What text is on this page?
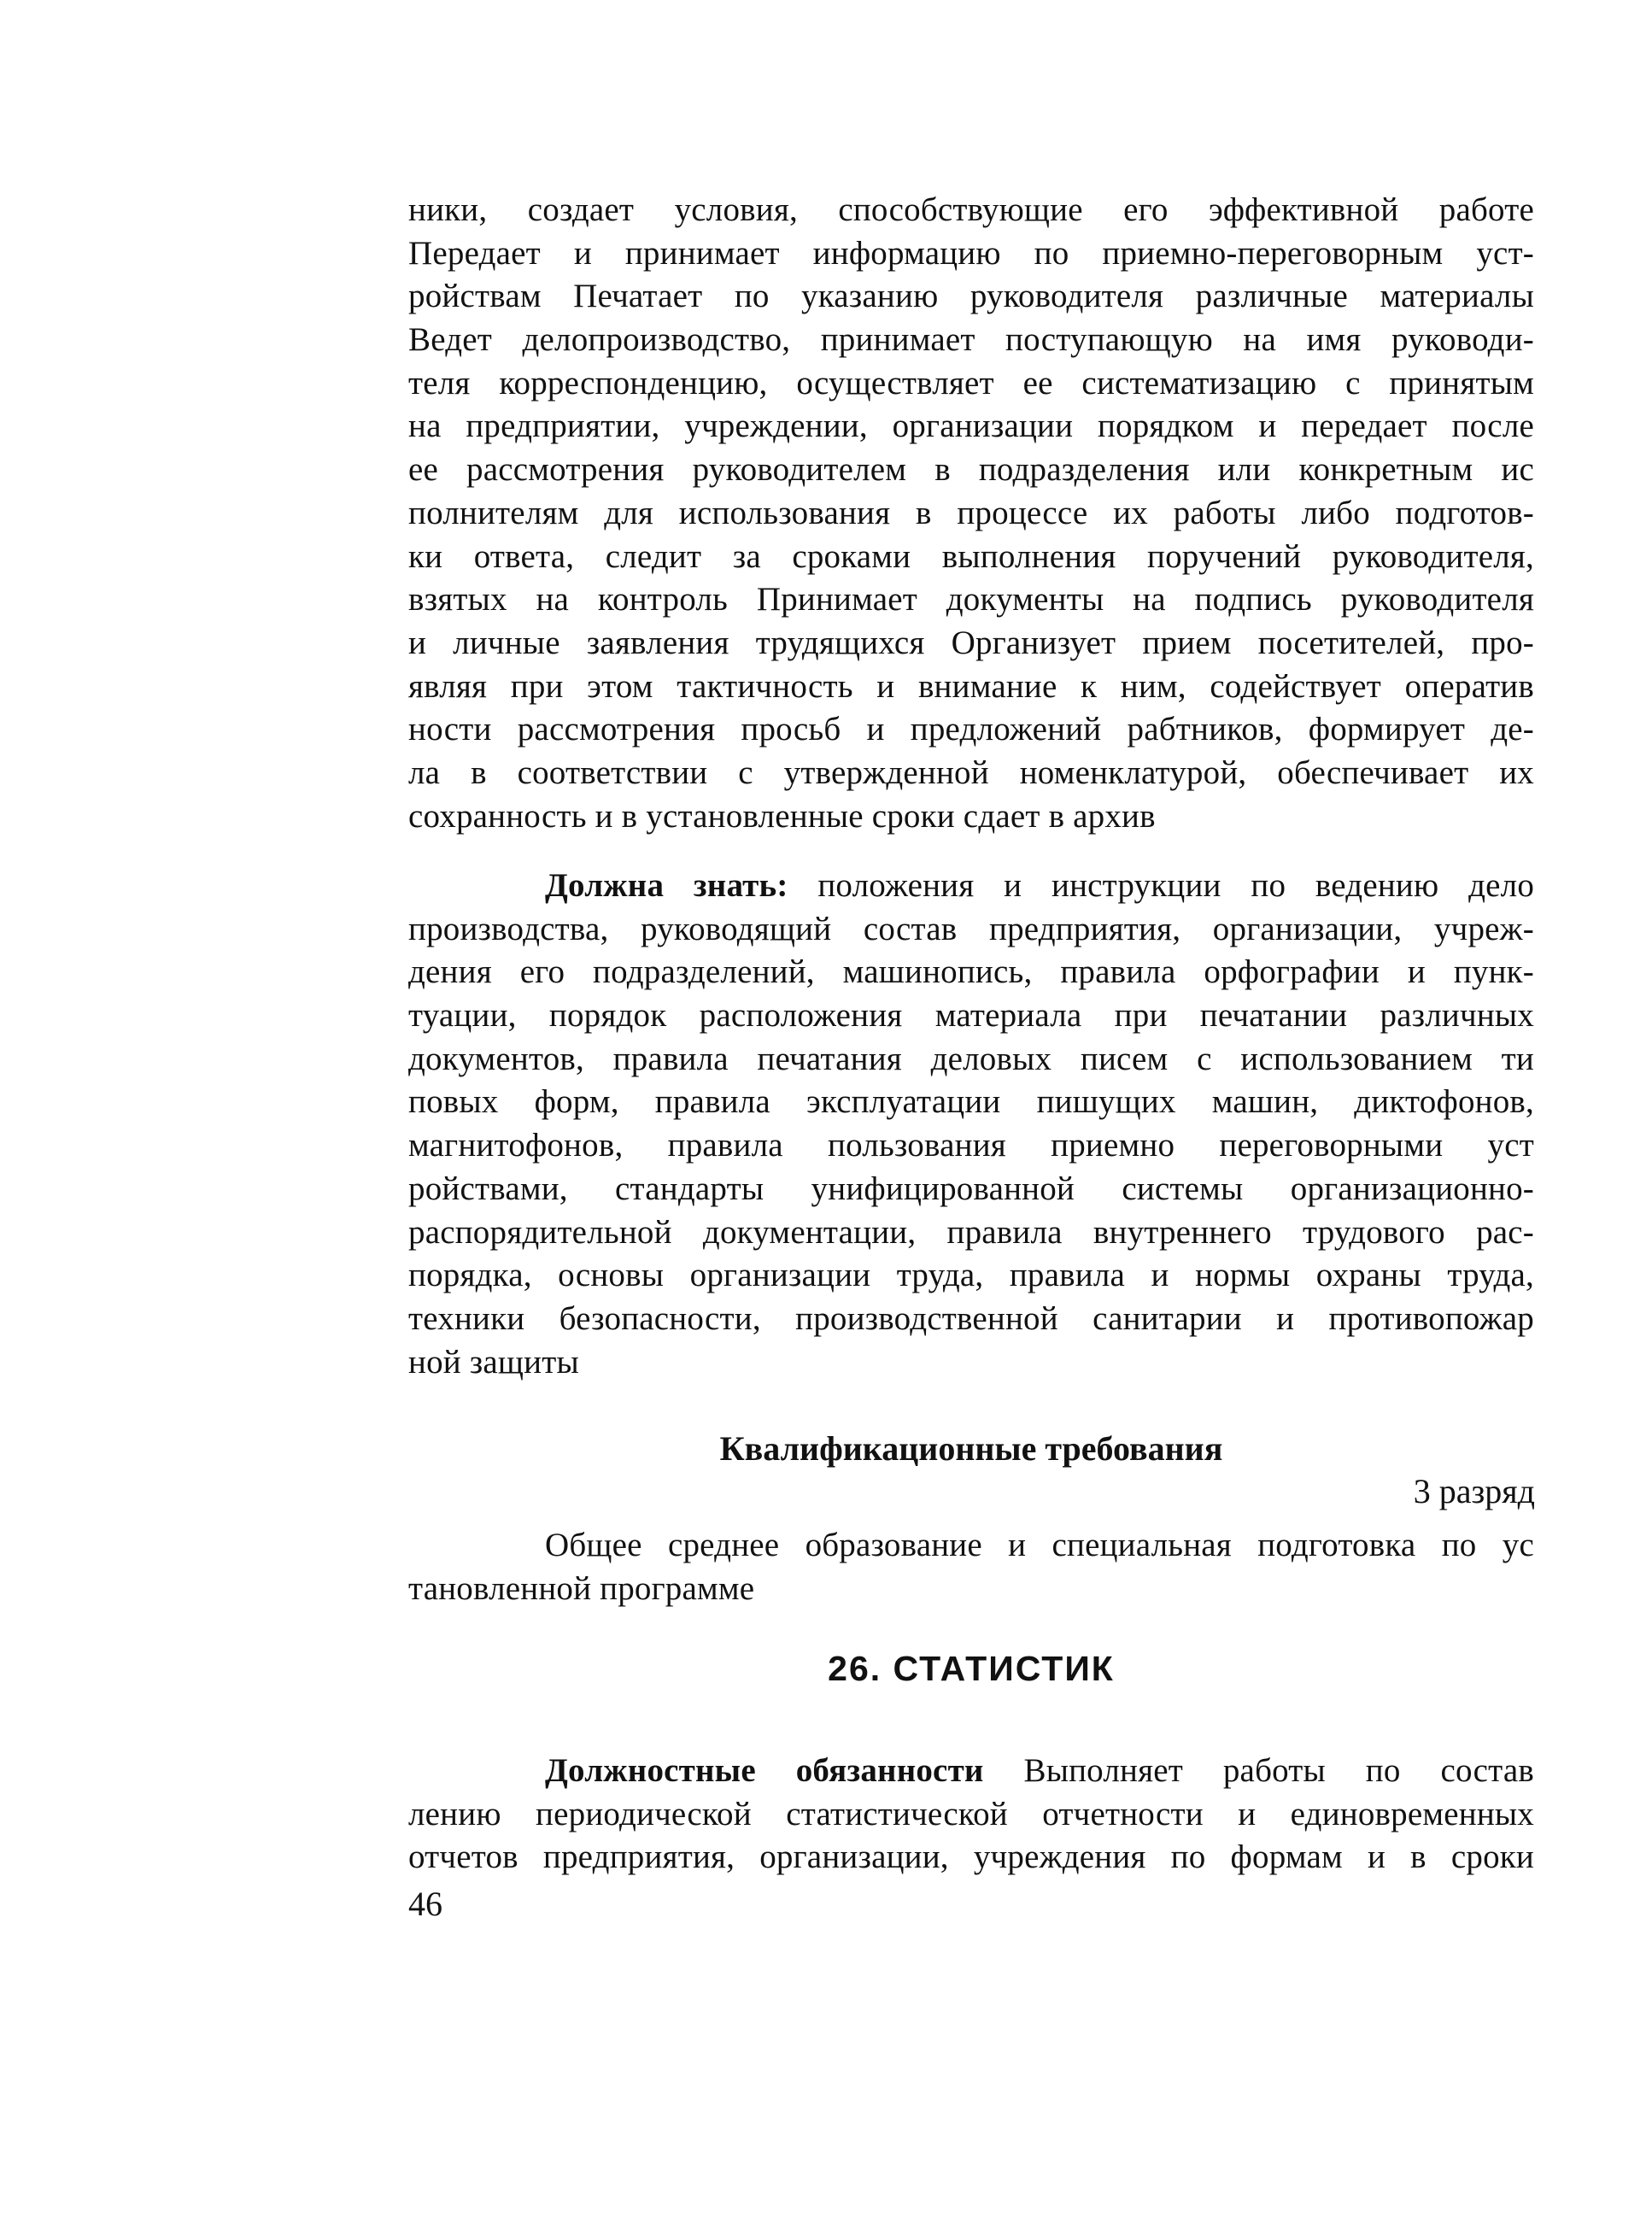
ники, создает условия, способствующие его эффективной работе
Передает и принимает информацию по приемно-переговорным уст-
ройствам Печатает по указанию руководителя различные материалы
Ведет делопроизводство, принимает поступающую на имя руководи-
теля корреспонденцию, осуществляет ее систематизацию с принятым
на предприятии, учреждении, организации порядком и передает после
ее рассмотрения руководителем в подразделения или конкретным ис
полнителям для использования в процессе их работы либо подготов-
ки ответа, следит за сроками выполнения поручений руководителя,
взятых на контроль Принимает документы на подпись руководителя
и личные заявления трудящихся Организует прием посетителей, про-
являя при этом тактичность и внимание к ним, содействует оператив
ности рассмотрения просьб и предложений рабтников, формирует де-
ла в соответствии с утвержденной номенклатурой, обеспечивает их
сохранность и в установленные сроки сдает в архив
Должна знать: положения и инструкции по ведению дело
производства, руководящий состав предприятия, организации, учреж-
дения его подразделений, машинопись, правила орфографии и пунк-
туации, порядок расположения материала при печатании различных
документов, правила печатания деловых писем с использованием ти
повых форм, правила эксплуатации пишущих машин, диктофонов,
магнитофонов, правила пользования приемно переговорными уст
ройствами, стандарты унифицированной системы организационно-
распорядительной документации, правила внутреннего трудового рас-
порядка, основы организации труда, правила и нормы охраны труда,
техники безопасности, производственной санитарии и противопожар
ной защиты
Квалификационные требования
3 разряд
Общее среднее образование и специальная подготовка по ус
тановленной программе
26. СТАТИСТИК
Должностные обязанности Выполняет работы по состав
лению периодической статистической отчетности и единовременных
отчетов предприятия, организации, учреждения по формам и в сроки
46
